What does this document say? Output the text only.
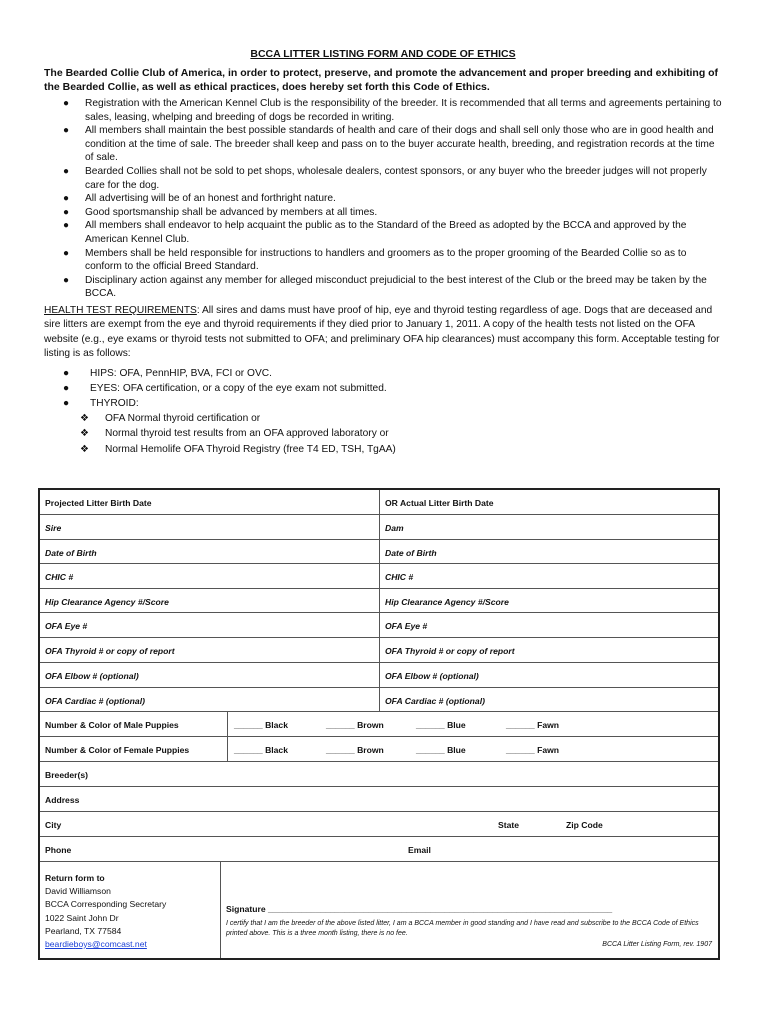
BCCA LITTER LISTING FORM AND CODE OF ETHICS
The Bearded Collie Club of America, in order to protect, preserve, and promote the advancement and proper breeding and exhibiting of the Bearded Collie, as well as ethical practices, does hereby set forth this Code of Ethics.
● Registration with the American Kennel Club is the responsibility of the breeder. It is recommended that all terms and agreements pertaining to sales, leasing, whelping and breeding of dogs be recorded in writing.
● All members shall maintain the best possible standards of health and care of their dogs and shall sell only those who are in good health and condition at the time of sale. The breeder shall keep and pass on to the buyer accurate health, breeding, and registration records at the time of sale.
● Bearded Collies shall not be sold to pet shops, wholesale dealers, contest sponsors, or any buyer who the breeder judges will not properly care for the dog.
● All advertising will be of an honest and forthright nature.
● Good sportsmanship shall be advanced by members at all times.
● All members shall endeavor to help acquaint the public as to the Standard of the Breed as adopted by the BCCA and approved by the American Kennel Club.
● Members shall be held responsible for instructions to handlers and groomers as to the proper grooming of the Bearded Collie so as to conform to the official Breed Standard.
● Disciplinary action against any member for alleged misconduct prejudicial to the best interest of the Club or the breed may be taken by the BCCA.
HEALTH TEST REQUIREMENTS: All sires and dams must have proof of hip, eye and thyroid testing regardless of age. Dogs that are deceased and sire litters are exempt from the eye and thyroid requirements if they died prior to January 1, 2011. A copy of the health tests not listed on the OFA website (e.g., eye exams or thyroid tests not submitted to OFA; and preliminary OFA hip clearances) must accompany this form. Acceptable testing for listing is as follows:
● HIPS: OFA, PennHIP, BVA, FCI or OVC.
● EYES: OFA certification, or a copy of the eye exam not submitted.
● THYROID:
❖ OFA Normal thyroid certification or
❖ Normal thyroid test results from an OFA approved laboratory or
❖ Normal Hemolife OFA Thyroid Registry (free T4 ED, TSH, TgAA)
Projected Litter Birth Date	OR Actual Litter Birth Date
Sire	Dam
Date of Birth	Date of Birth
CHIC #	CHIC #
Hip Clearance Agency #/Score	Hip Clearance Agency #/Score
OFA Eye #	OFA Eye #
OFA Thyroid # or copy of report	OFA Thyroid # or copy of report
OFA Elbow # (optional)	OFA Elbow # (optional)
OFA Cardiac # (optional)	OFA Cardiac # (optional)
Number & Color of Male Puppies	______ Black	______ Brown	______ Blue	______ Fawn
Number & Color of Female Puppies	______ Black	______ Brown	______ Blue	______ Fawn
Breeder(s)
Address
City	State	Zip Code
Phone	Email
Return form to
David Williamson
BCCA Corresponding Secretary
1022 Saint John Dr
Pearland, TX 77584
beardieboys@comcast.net
Signature ________________________________________________________________________
I certify that I am the breeder of the above listed litter, I am a BCCA member in good standing and I have read and subscribe to the BCCA Code of Ethics printed above. This is a three month listing, there is no fee.
BCCA Litter Listing Form, rev. 1907
